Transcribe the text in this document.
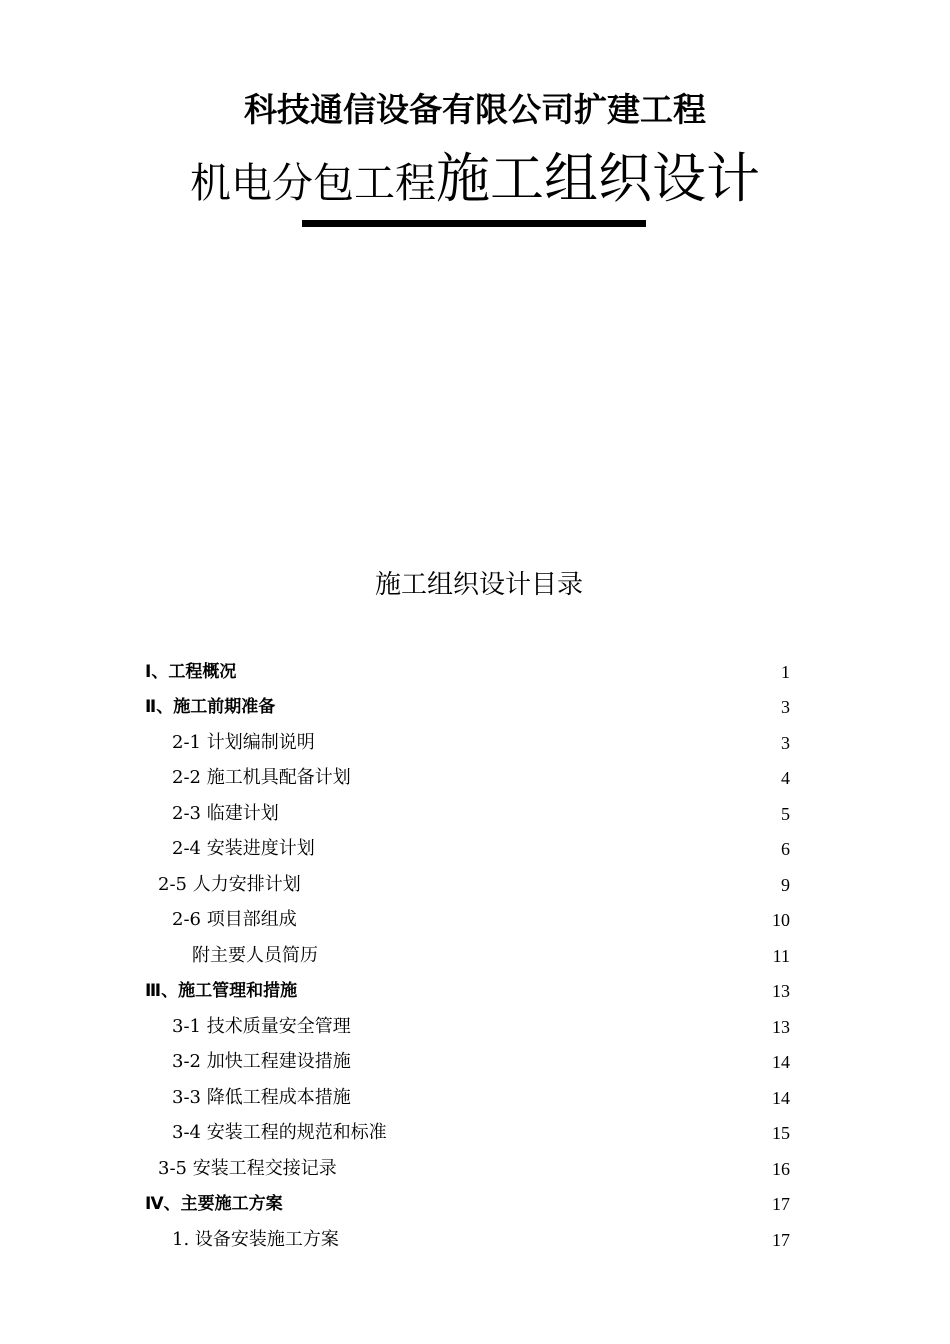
科技通信设备有限公司扩建工程
机电分包工程施工组织设计
施工组织设计目录
Ⅰ、工程概况	1
Ⅱ、施工前期准备	3
2-1 计划编制说明	3
2-2 施工机具配备计划	4
2-3 临建计划	5
2-4 安装进度计划	6
2-5 人力安排计划	9
2-6 项目部组成	10
附主要人员简历	11
Ⅲ、施工管理和措施	13
3-1 技术质量安全管理	13
3-2 加快工程建设措施	14
3-3 降低工程成本措施	14
3-4 安装工程的规范和标准	15
3-5 安装工程交接记录	16
Ⅳ、主要施工方案	17
1. 设备安装施工方案	17
